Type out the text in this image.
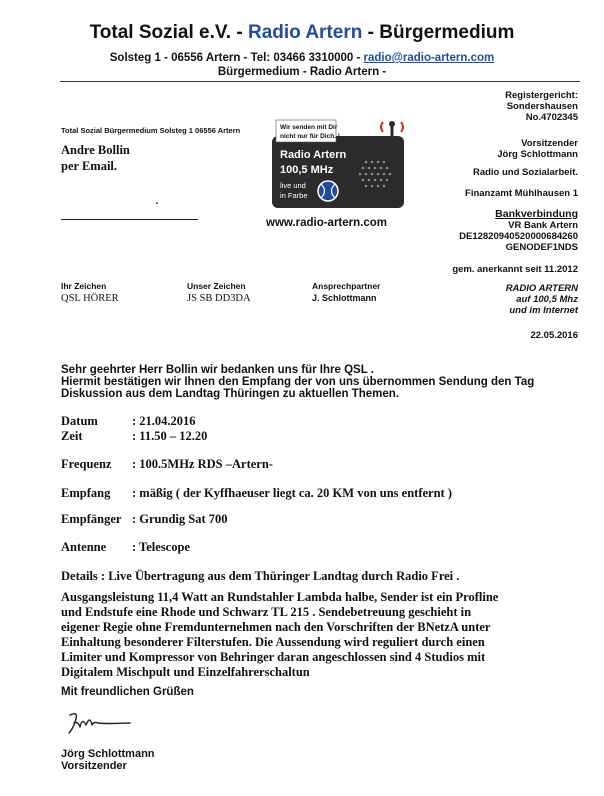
Total Sozial e.V. - Radio Artern - Bürgermedium
Solsteg 1 - 06556 Artern - Tel: 03466 3310000 - radio@radio-artern.com
Bürgermedium - Radio Artern -
Total Sozial Bürgermedium Solsteg 1 06556 Artern
Andre Bollin
per Email.
Wir senden mit Dir
nicht nur für Dich..!
Radio Artern
100,5 MHz
live und
in Farbe
www.radio-artern.com
Registergericht:
Sondershausen
No.4702345
Vorsitzender
Jörg Schlottmann
Radio und Sozialarbeit.
Finanzamt Mühlhausen 1
Bankverbindung
VR Bank Artern
DE12820940520000684260
GENODEF1NDS
gem. anerkannt seit 11.2012
RADIO ARTERN
auf 100,5 Mhz
und im Internet
22.05.2016
Ihr Zeichen
QSL HÖRER
Unser Zeichen
JS SB DD3DA
Ansprechpartner
J. Schlottmann
Sehr geehrter Herr Bollin wir bedanken uns für Ihre QSL .
Hiermit bestätigen wir Ihnen den Empfang der von uns übernommen Sendung den Tag
Diskussion aus dem Landtag Thüringen zu aktuellen Themen.
Datum	: 21.04.2016
Zeit	: 11.50 – 12.20
Frequenz : 100.5MHz RDS –Artern-
Empfang : mäßig ( der Kyffhaeuser liegt ca. 20 KM von uns entfernt )
Empfänger : Grundig Sat 700
Antenne : Telescope
Details : Live Übertragung aus dem Thüringer Landtag durch Radio Frei .
Ausgangsleistung 11,4 Watt an Rundstahler Lambda halbe, Sender ist ein Profline und Endstufe eine Rhode und Schwarz TL 215 . Sendebetreuung geschieht in eigener Regie ohne Fremdunternehmen nach den Vorschriften der BNetzA unter Einhaltung besonderer Filterstufen. Die Aussendung wird reguliert durch einen Limiter und Kompressor von Behringer daran angeschlossen sind 4 Studios mit Digitalem Mischpult und Einzelfahrerschaltun
Mit freundlichen Grüßen
Jörg Schlottmann
Vorsitzender
